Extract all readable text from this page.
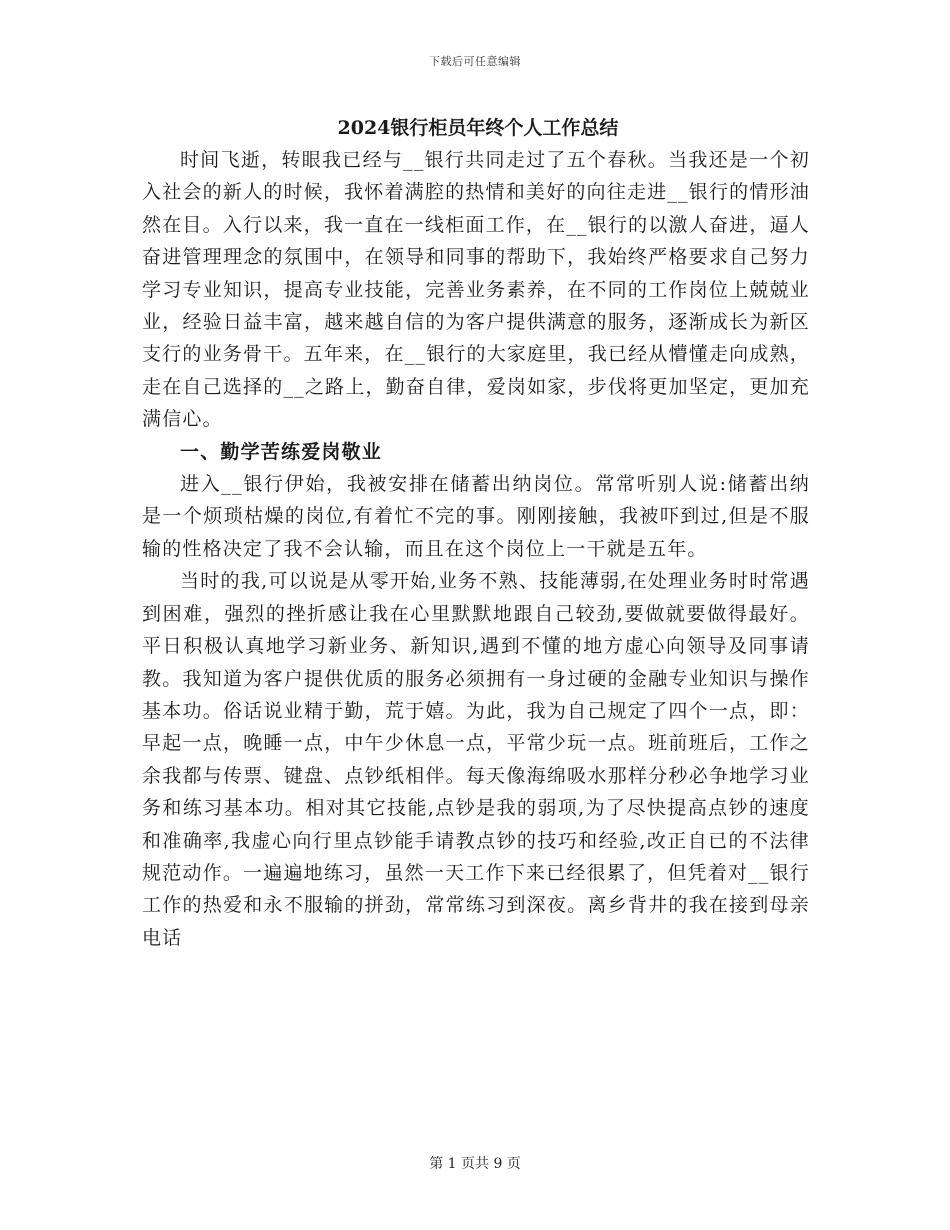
下载后可任意编辑
2024银行柜员年终个人工作总结

时间飞逝，转眼我已经与__银行共同走过了五个春秋。当我还是一个初入社会的新人的时候，我怀着满腔的热情和美好的向往走进__银行的情形油然在目。入行以来，我一直在一线柜面工作，在__银行的以激人奋进，逼人奋进管理理念的氛围中，在领导和同事的帮助下，我始终严格要求自己努力学习专业知识，提高专业技能，完善业务素养，在不同的工作岗位上兢兢业业，经验日益丰富，越来越自信的为客户提供满意的服务，逐渐成长为新区支行的业务骨干。五年来，在__银行的大家庭里，我已经从懵懂走向成熟，走在自己选择的__之路上，勤奋自律，爱岗如家，步伐将更加坚定，更加充满信心。

一、勤学苦练爱岗敬业

进入__银行伊始，我被安排在储蓄出纳岗位。常常听别人说:储蓄出纳是一个烦琐枯燥的岗位,有着忙不完的事。刚刚接触，我被吓到过,但是不服输的性格决定了我不会认输，而且在这个岗位上一干就是五年。

当时的我,可以说是从零开始,业务不熟、技能薄弱,在处理业务时时常遇到困难，强烈的挫折感让我在心里默默地跟自己较劲,要做就要做得最好。平日积极认真地学习新业务、新知识,遇到不懂的地方虚心向领导及同事请教。我知道为客户提供优质的服务必须拥有一身过硬的金融专业知识与操作基本功。俗话说业精于勤，荒于嬉。为此，我为自己规定了四个一点，即：早起一点，晚睡一点，中午少休息一点，平常少玩一点。班前班后，工作之余我都与传票、键盘、点钞纸相伴。每天像海绵吸水那样分秒必争地学习业务和练习基本功。相对其它技能,点钞是我的弱项,为了尽快提高点钞的速度和准确率,我虚心向行里点钞能手请教点钞的技巧和经验,改正自已的不法律规范动作。一遍遍地练习，虽然一天工作下来已经很累了，但凭着对__银行工作的热爱和永不服输的拼劲，常常练习到深夜。离乡背井的我在接到母亲电话

第 1 页共 9 页
